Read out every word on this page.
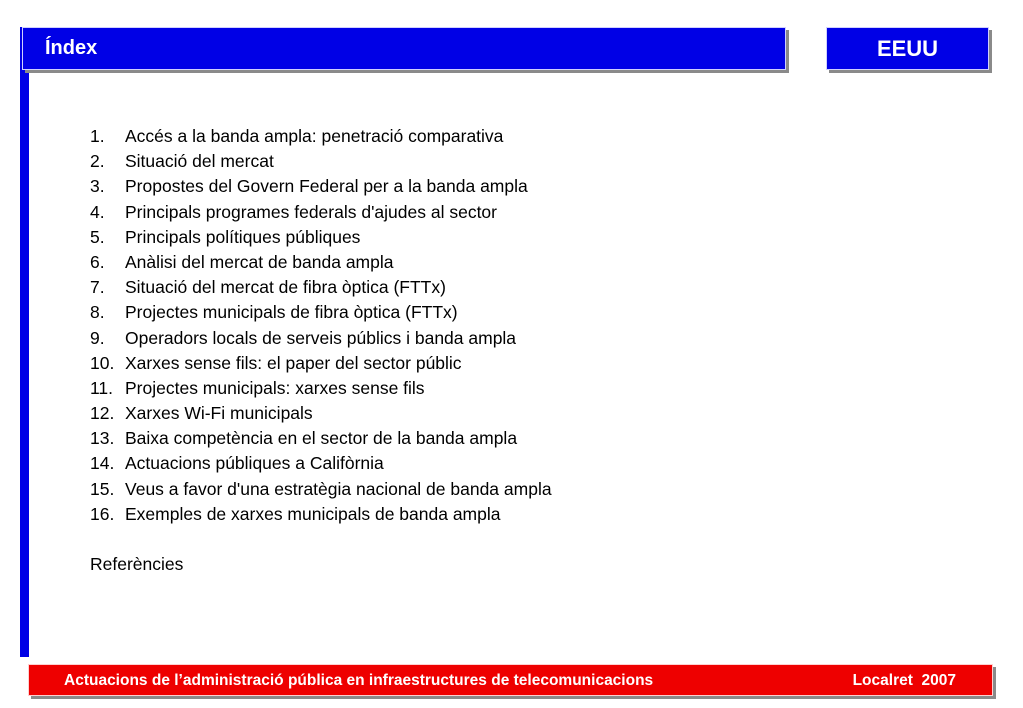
Índex	EEUU
1. Accés a la banda ampla: penetració comparativa
2. Situació del mercat
3. Propostes del Govern Federal per a la banda ampla
4. Principals programes federals d'ajudes al sector
5. Principals polítiques públiques
6. Anàlisi del mercat de banda ampla
7. Situació del mercat de fibra òptica (FTTx)
8. Projectes municipals de fibra òptica (FTTx)
9. Operadors locals de serveis públics i banda ampla
10. Xarxes sense fils: el paper del sector públic
11. Projectes municipals: xarxes sense fils
12. Xarxes Wi-Fi municipals
13. Baixa competència en el sector de la banda ampla
14. Actuacions públiques a Califòrnia
15. Veus a favor d'una estratègia nacional de banda ampla
16. Exemples de xarxes municipals de banda ampla
Referències
Actuacions de l’administració pública en infraestructures de telecomunicacions	Localret  2007
